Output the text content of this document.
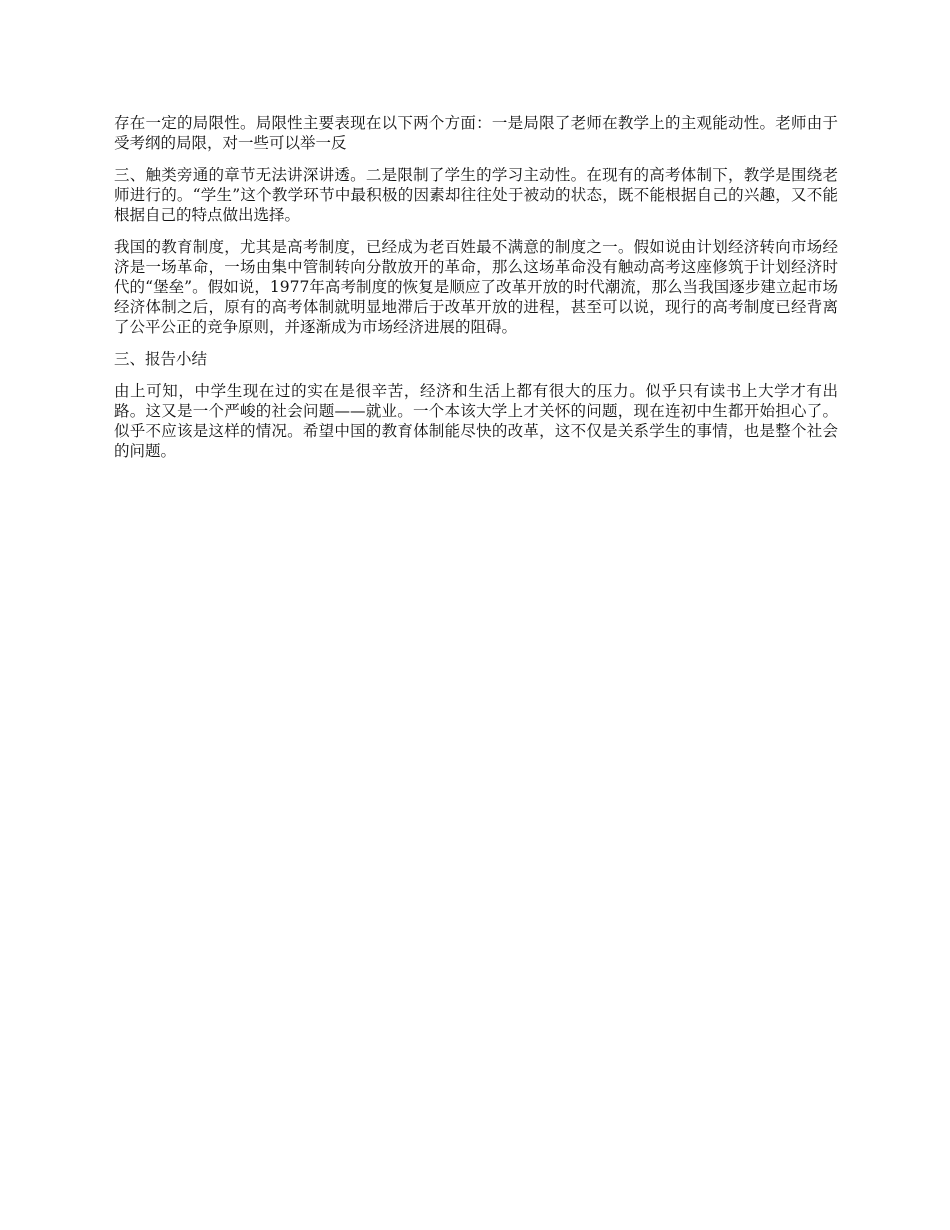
存在一定的局限性。局限性主要表现在以下两个方面：一是局限了老师在教学上的主观能动性。老师由于受考纲的局限，对一些可以举一反

三、触类旁通的章节无法讲深讲透。二是限制了学生的学习主动性。在现有的高考体制下，教学是围绕老师进行的。“学生”这个教学环节中最积极的因素却往往处于被动的状态，既不能根据自己的兴趣，又不能根据自己的特点做出选择。

我国的教育制度，尤其是高考制度，已经成为老百姓最不满意的制度之一。假如说由计划经济转向市场经济是一场革命，一场由集中管制转向分散放开的革命，那么这场革命没有触动高考这座修筑于计划经济时代的“堡垒”。假如说，1977年高考制度的恢复是顺应了改革开放的时代潮流，那么当我国逐步建立起市场经济体制之后，原有的高考体制就明显地滞后于改革开放的进程，甚至可以说，现行的高考制度已经背离了公平公正的竞争原则，并逐渐成为市场经济进展的阻碍。

三、报告小结

由上可知，中学生现在过的实在是很辛苦，经济和生活上都有很大的压力。似乎只有读书上大学才有出路。这又是一个严峻的社会问题——就业。一个本该大学上才关怀的问题，现在连初中生都开始担心了。似乎不应该是这样的情况。希望中国的教育体制能尽快的改革，这不仅是关系学生的事情，也是整个社会的问题。
